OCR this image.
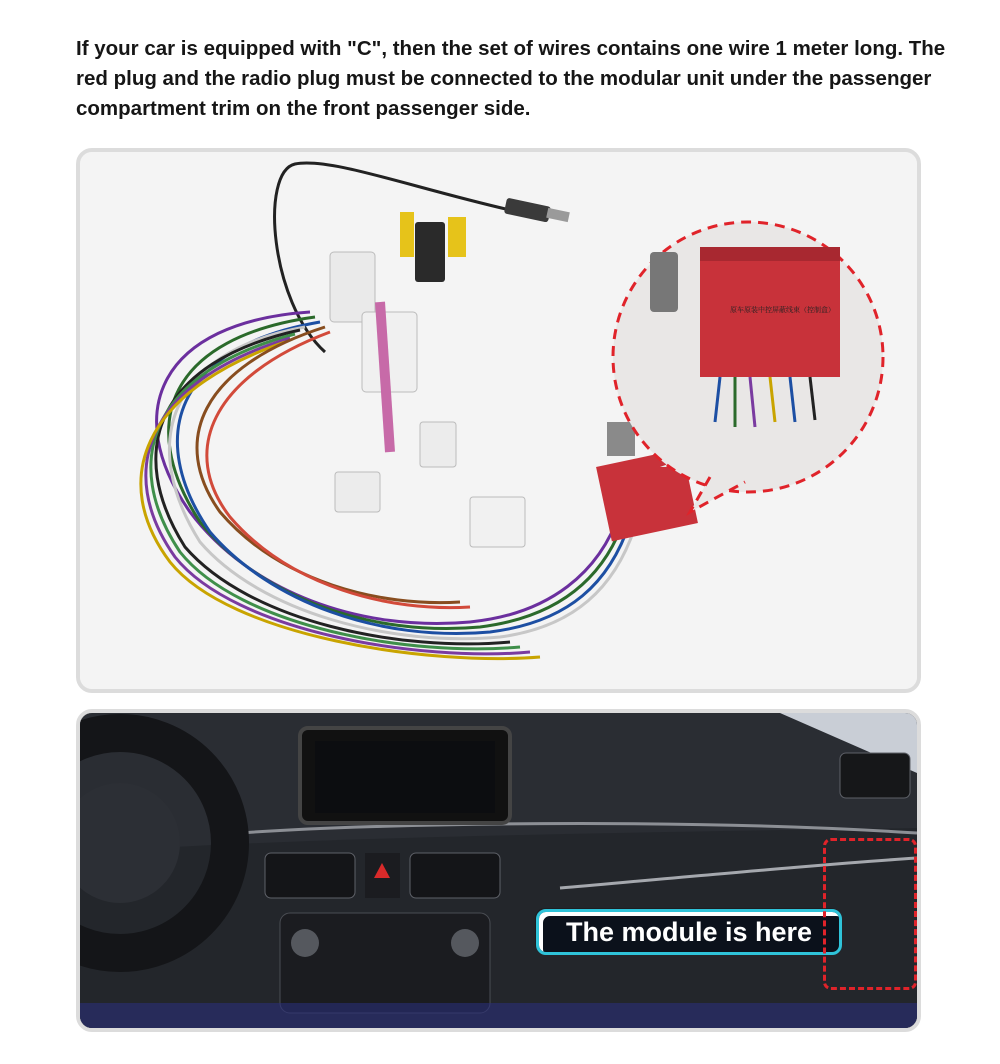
If your car is equipped with "C", then the set of wires contains one wire 1 meter long. The red plug and the radio plug must be connected to the modular unit under the passenger compartment trim on the front passenger side.

原车原装中控屏蔽线束（控制盒）
The module is here
